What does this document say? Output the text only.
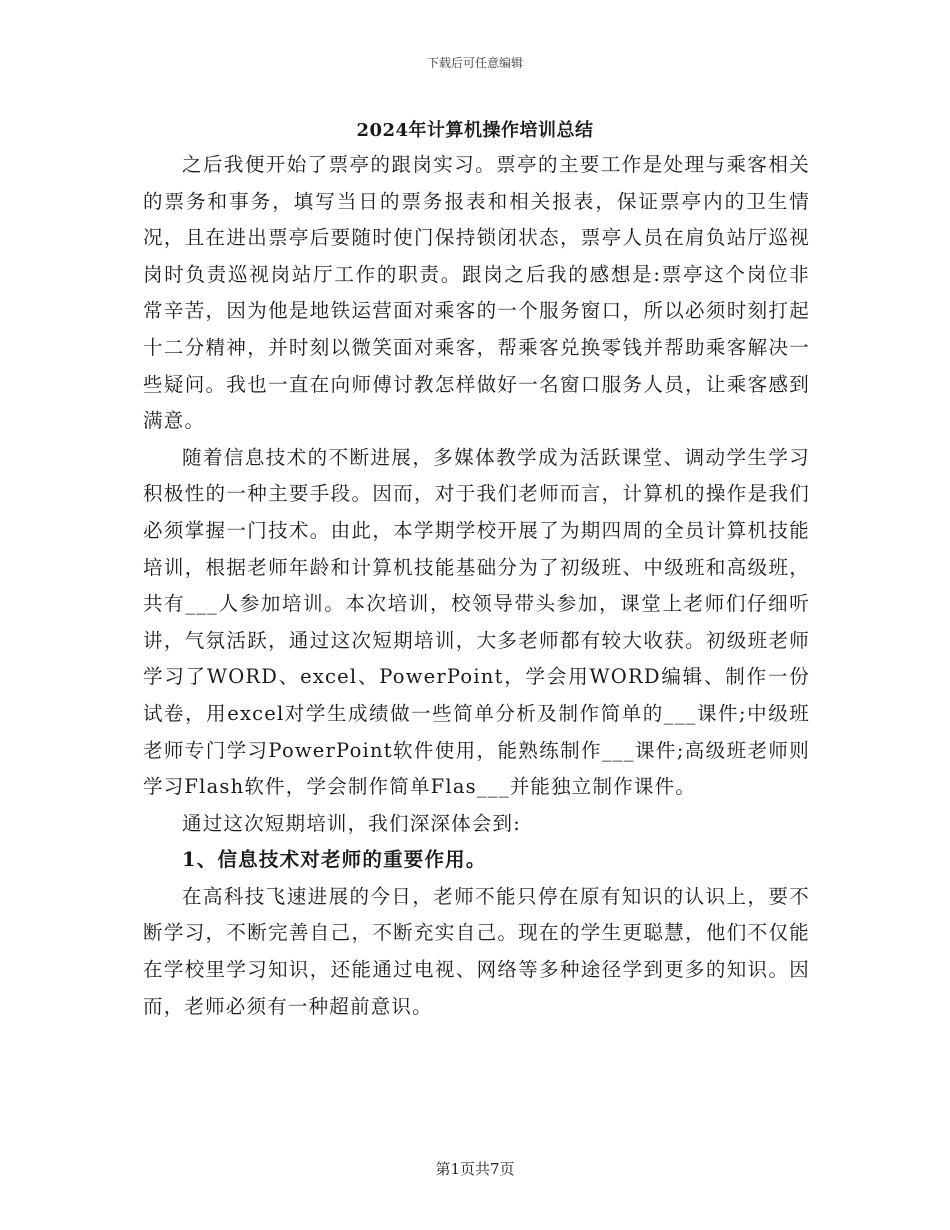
下载后可任意编辑
2024年计算机操作培训总结

之后我便开始了票亭的跟岗实习。票亭的主要工作是处理与乘客相关的票务和事务，填写当日的票务报表和相关报表，保证票亭内的卫生情况，且在进出票亭后要随时使门保持锁闭状态，票亭人员在肩负站厅巡视岗时负责巡视岗站厅工作的职责。跟岗之后我的感想是:票亭这个岗位非常辛苦，因为他是地铁运营面对乘客的一个服务窗口，所以必须时刻打起十二分精神，并时刻以微笑面对乘客，帮乘客兑换零钱并帮助乘客解决一些疑问。我也一直在向师傅讨教怎样做好一名窗口服务人员，让乘客感到满意。

随着信息技术的不断进展，多媒体教学成为活跃课堂、调动学生学习积极性的一种主要手段。因而，对于我们老师而言，计算机的操作是我们必须掌握一门技术。由此，本学期学校开展了为期四周的全员计算机技能培训，根据老师年龄和计算机技能基础分为了初级班、中级班和高级班，共有___人参加培训。本次培训，校领导带头参加，课堂上老师们仔细听讲，气氛活跃，通过这次短期培训，大多老师都有较大收获。初级班老师学习了WORD、excel、PowerPoint，学会用WORD编辑、制作一份试卷，用excel对学生成绩做一些简单分析及制作简单的___课件;中级班老师专门学习PowerPoint软件使用，能熟练制作___课件;高级班老师则学习Flash软件，学会制作简单Flas___并能独立制作课件。

通过这次短期培训，我们深深体会到:

1、信息技术对老师的重要作用。

在高科技飞速进展的今日，老师不能只停在原有知识的认识上，要不断学习，不断完善自己，不断充实自己。现在的学生更聪慧，他们不仅能在学校里学习知识，还能通过电视、网络等多种途径学到更多的知识。因而，老师必须有一种超前意识。

第1页共7页
